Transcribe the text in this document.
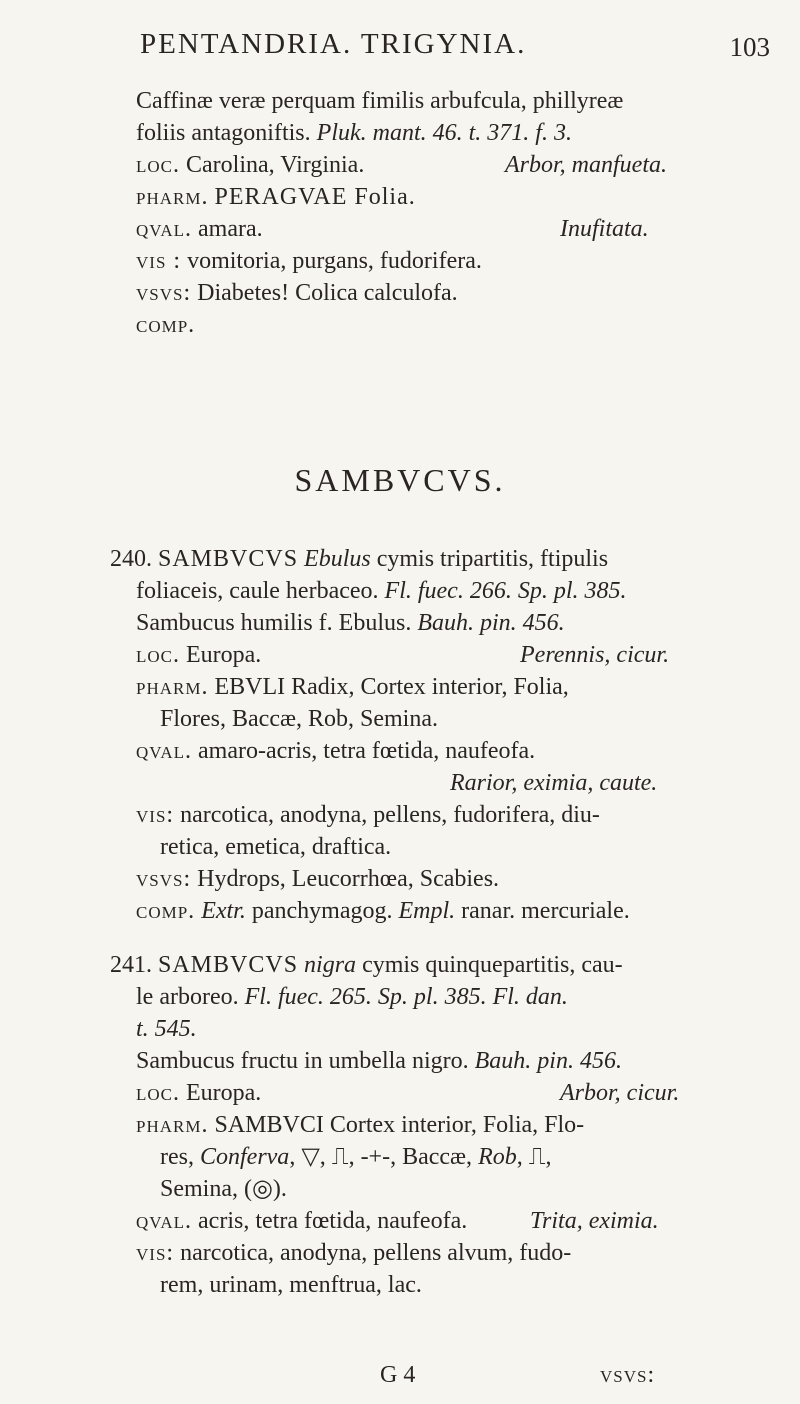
PENTANDRIA. TRIGYNIA.	103
Caffinæ veræ perquam fimilis arbufcula, phillyreæ
foliis antagoniftis. Pluk. mant. 46. t. 371. f. 3.
loc. Carolina, Virginia.	Arbor, manfueta.
pharm. PERAGVAE Folia.
qval. amara.	Inufitata.
vis : vomitoria, purgans, fudorifera.
vsvs: Diabetes! Colica calculofa.
comp.
SAMBVCVS.
240. SAMBVCVS Ebulus cymis tripartitis, ftipulis
foliaceis, caule herbaceo. Fl. fuec. 266. Sp. pl. 385.
Sambucus humilis f. Ebulus. Bauh. pin. 456.
loc. Europa.	Perennis, cicur.
pharm. EBVLI Radix, Cortex interior, Folia,
Flores, Baccæ, Rob, Semina.
qval. amaro-acris, tetra fœtida, naufeofa.
Rarior, eximia, caute.
vis: narcotica, anodyna, pellens, fudorifera, diu-
retica, emetica, draftica.
vsvs: Hydrops, Leucorrhœa, Scabies.
comp. Extr. panchymagog. Empl. ranar. mercuriale.
241. SAMBVCVS nigra cymis quinquepartitis, cau-
le arboreo. Fl. fuec. 265. Sp. pl. 385. Fl. dan.
t. 545.
Sambucus fructu in umbella nigro. Bauh. pin. 456.
loc. Europa.	Arbor, cicur.
pharm. SAMBVCI Cortex interior, Folia, Flo-
res, Conferva, ▽, ⎍, -+-, Baccæ, Rob, ⎍,
Semina, (◎).
qval. acris, tetra fœtida, naufeofa.	Trita, eximia.
vis: narcotica, anodyna, pellens alvum, fudo-
rem, urinam, menftrua, lac.
G 4	vsvs:
